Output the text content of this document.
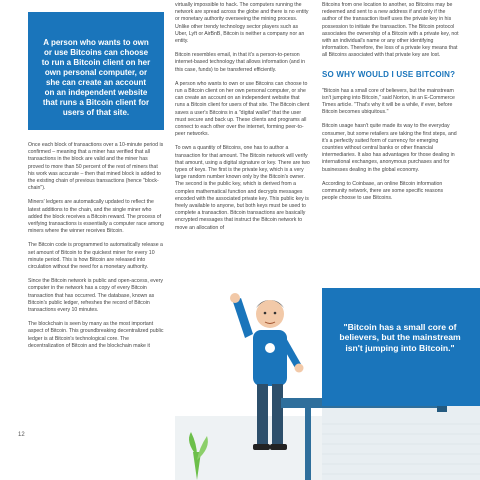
A person who wants to own or use Bitcoins can choose to run a Bitcoin client on her own personal computer, or she can create an account on an independent website that runs a Bitcoin client for users of that site.

Once each block of transactions over a 10-minute period is confirmed – meaning that a miner has verified that all transactions in the block are valid and the miner has proved to more than 50 percent of the rest of miners that his work was accurate – then that mined block is added to the existing chain of previous transactions (hence "block-chain").

Miners' ledgers are automatically updated to reflect the latest additions to the chain, and the single miner who added the block receives a Bitcoin reward. The process of verifying transactions is essentially a computer race among miners where the winner receives Bitcoin.

The Bitcoin code is programmed to automatically release a set amount of Bitcoin to the quickest miner for every 10 minute period. This is how Bitcoin are released into circulation without the need for a monetary authority.

Since the Bitcoin network is public and open-access, every computer in the network has a copy of every Bitcoin transaction that has occurred. The database, known as Bitcoin's public ledger, refreshes the record of Bitcoin transactions every 10 minutes.

The blockchain is seen by many as the most important aspect of Bitcoin. This groundbreaking decentralized public ledger is at Bitcoin's technological core. The decentralization of Bitcoin and the blockchain make it

virtually impossible to hack. The computers running the network are spread across the globe and there is no entity or monetary authority overseeing the mining process. Unlike other trendy technology sector players such as Uber, Lyft or AirBnB, Bitcoin is neither a company nor an entity.

Bitcoin resembles email, in that it's a person-to-person internet-based technology that allows information (and in this case, funds) to be transferred efficiently.

A person who wants to own or use Bitcoins can choose to run a Bitcoin client on her own personal computer, or she can create an account on an independent website that runs a Bitcoin client for users of that site. The Bitcoin client saves a user's Bitcoins in a "digital wallet" that the user must secure and back up. These clients and programs all connect to each other over the internet, forming peer-to-peer networks.

To own a quantity of Bitcoins, one has to author a transaction for that amount. The Bitcoin network will verify that amount, using a digital signature or key. There are two types of keys. The first is the private key, which is a very large random number known only by the Bitcoin's owner. The second is the public key, which is derived from a complex mathematical function and decrypts messages encoded with the associated private key. This public key is freely available to anyone, but both keys must be used to complete a transaction. Bitcoin transactions are basically encrypted messages that instruct the Bitcoin network to move an allocation of

Bitcoins from one location to another, so Bitcoins may be redeemed and sent to a new address if and only if the author of the transaction itself uses the private key in his possession to initiate the transaction. The Bitcoin protocol associates the ownership of a Bitcoin with a private key, not with an individual's name or any other identifying information. Therefore, the loss of a private key means that all Bitcoins associated with that private key are lost.

SO WHY WOULD I USE BITCOIN?

"Bitcoin has a small core of believers, but the mainstream isn't jumping into Bitcoin," said Norton, in an E-Commerce Times article. "That's why it will be a while, if ever, before Bitcoin becomes ubiquitous."

Bitcoin usage hasn't quite made its way to the everyday consumer, but some retailers are taking the first steps, and it's a perfectly suited form of currency for emerging countries without central banks or other financial intermediaries. It also has advantages for those dealing in international exchanges, anonymous purchases and for businesses dealing in the global economy.

According to Coinbase, an online Bitcoin information community network, there are some specific reasons people choose to use Bitcoins.

"Bitcoin has a small core of believers, but the mainstream isn't jumping into Bitcoin."
12
